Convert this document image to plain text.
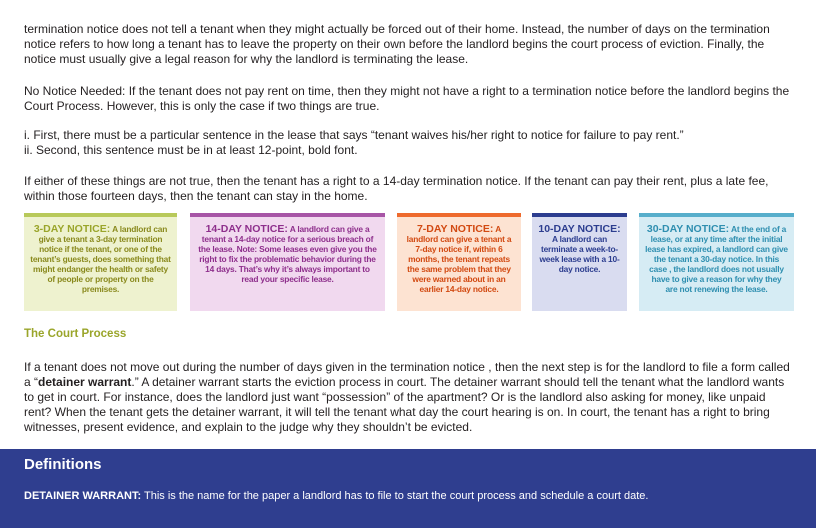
termination notice does not tell a tenant when they might actually be forced out of their home. Instead, the number of days on the termination notice refers to how long a tenant has to leave the property on their own before the landlord begins the court process of eviction. Finally, the notice must usually give a legal reason for why the landlord is terminating the lease.

No Notice Needed: If the tenant does not pay rent on time, then they might not have a right to a termination notice before the landlord begins the Court Process. However, this is only the case if two things are true.

i. First, there must be a particular sentence in the lease that says “tenant waives his/her right to notice for failure to pay rent.”
ii. Second, this sentence must be in at least 12-point, bold font.

If either of these things are not true, then the tenant has a right to a 14-day termination notice. If the tenant can pay their rent, plus a late fee, within those fourteen days, then the tenant can stay in the home.

3-DAY NOTICE: A landlord can give a tenant a 3-day termination notice if the tenant, or one of the tenant’s guests, does something that might endanger the health or safety of people or property on the premises.
14-DAY NOTICE: A landlord can give a tenant a 14-day notice for a serious breach of the lease. Note: Some leases even give you the right to fix the problematic behavior during the 14 days. That’s why it’s always important to read your specific lease.
7-DAY NOTICE: A landlord can give a tenant a 7-day notice if, within 6 months, the tenant repeats the same problem that they were warned about in an earlier 14-day notice.
10-DAY NOTICE: A landlord can terminate a week-to-week lease with a 10-day notice.
30-DAY NOTICE: At the end of a lease, or at any time after the initial lease has expired, a landlord can give the tenant a 30-day notice. In this case , the landlord does not usually have to give a reason for why they are not renewing the lease.
The Court Process

If a tenant does not move out during the number of days given in the termination notice , then the next step is for the landlord to file a form called a “detainer warrant.” A detainer warrant starts the eviction process in court. The detainer warrant should tell the tenant what the landlord wants to get in court. For instance, does the landlord just want “possession” of the apartment? Or is the landlord also asking for money, like unpaid rent? When the tenant gets the detainer warrant, it will tell the tenant what day the court hearing is on. In court, the tenant has a right to bring witnesses, present evidence, and explain to the judge why they shouldn’t be evicted.

Definitions

DETAINER WARRANT: This is the name for the paper a landlord has to file to start the court process and schedule a court date.
